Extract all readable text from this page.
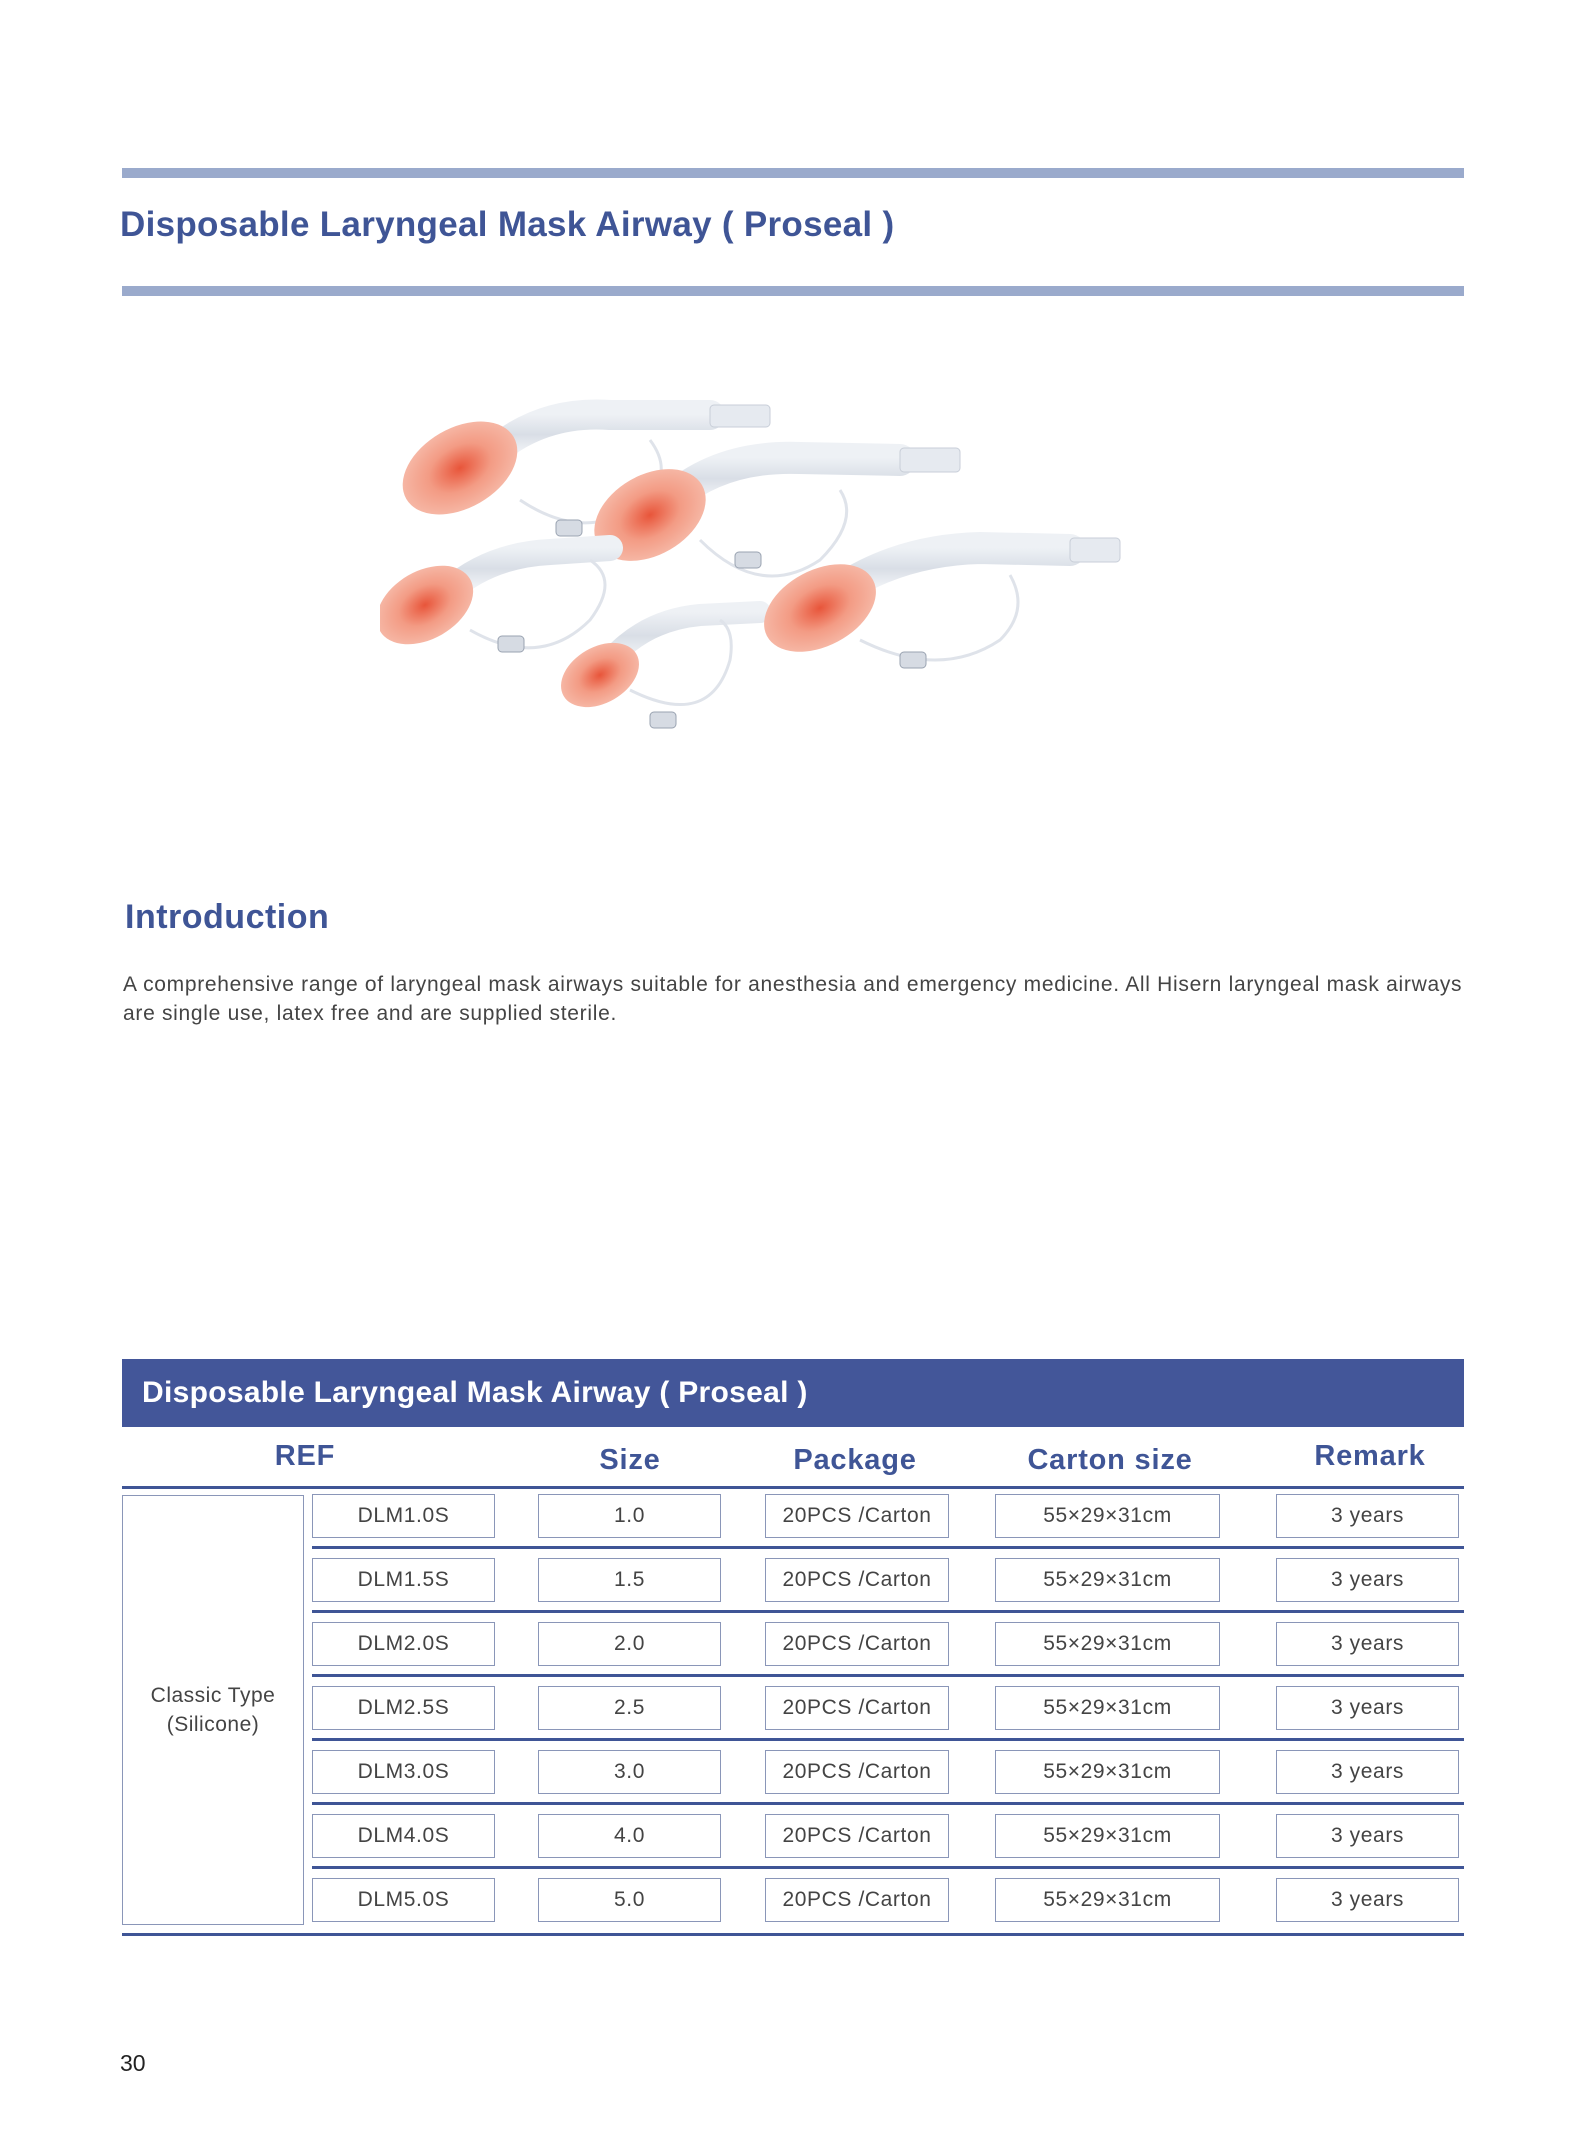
Disposable Laryngeal Mask Airway ( Proseal )
Introduction

A comprehensive range of laryngeal mask airways suitable for anesthesia and emergency medicine. All Hisern laryngeal mask airways are single use, latex free and are supplied sterile.

Disposable Laryngeal Mask Airway ( Proseal )
REF	Size	Package	Carton size	Remark
Classic Type
(Silicone)
DLM1.0S	1.0	20PCS /Carton	55×29×31cm	3 years
DLM1.5S	1.5	20PCS /Carton	55×29×31cm	3 years
DLM2.0S	2.0	20PCS /Carton	55×29×31cm	3 years
DLM2.5S	2.5	20PCS /Carton	55×29×31cm	3 years
DLM3.0S	3.0	20PCS /Carton	55×29×31cm	3 years
DLM4.0S	4.0	20PCS /Carton	55×29×31cm	3 years
DLM5.0S	5.0	20PCS /Carton	55×29×31cm	3 years
30
